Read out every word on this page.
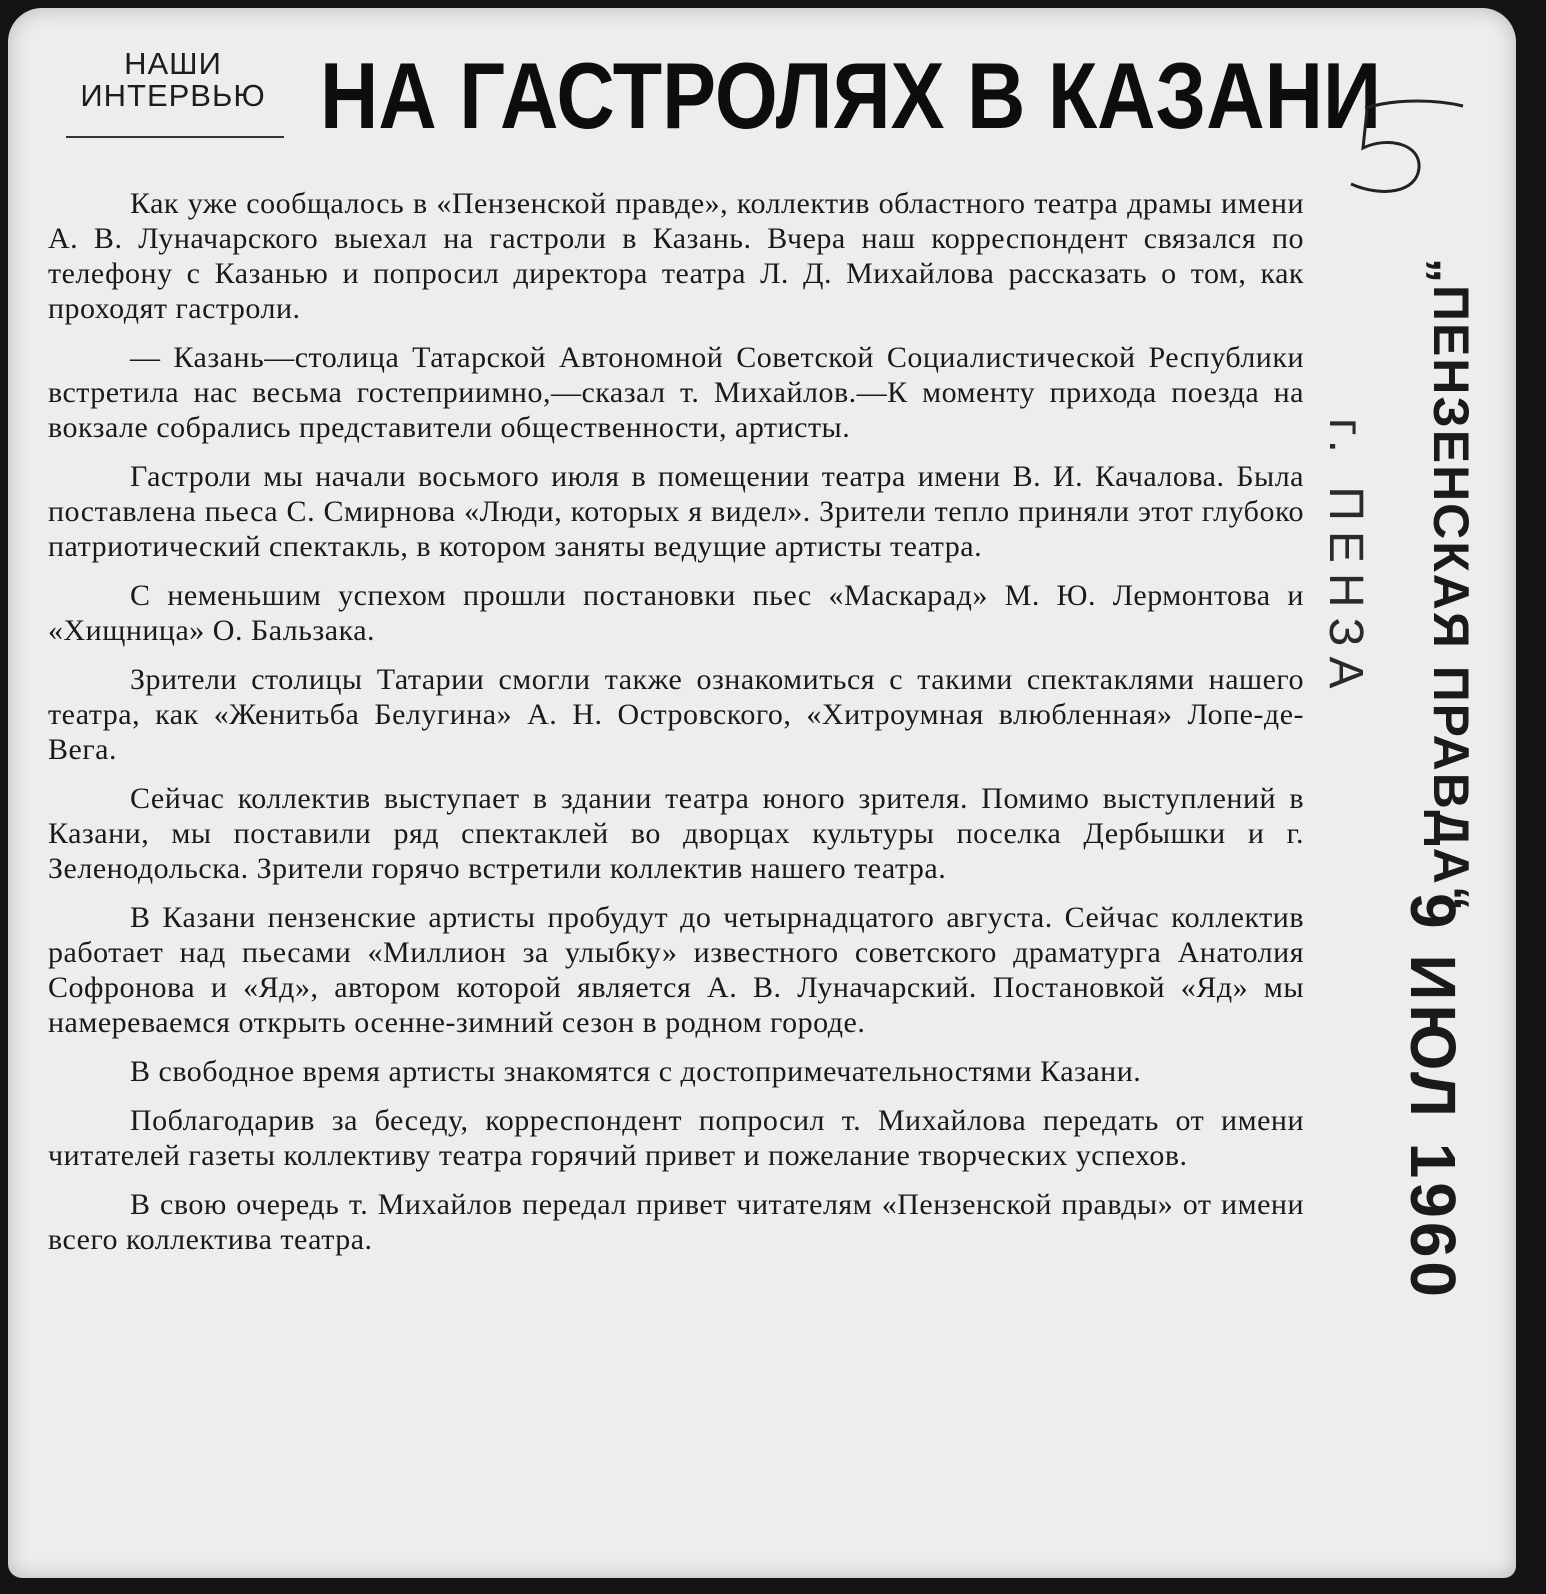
НАШИ
ИНТЕРВЬЮ НА ГАСТРОЛЯХ В КАЗАНИ

Как уже сообщалось в «Пензенской правде», коллектив областного театра драмы имени А. В. Луначарского выехал на гастроли в Казань. Вчера наш корреспондент связался по телефону с Казанью и попросил директора театра Л. Д. Михайлова рассказать о том, как проходят гастроли.

— Казань—столица Татарской Автономной Советской Социалистической Республики встретила нас весьма гостеприимно,—сказал т. Михайлов.—К моменту прихода поезда на вокзале собрались представители общественности, артисты.

Гастроли мы начали восьмого июля в помещении театра имени В. И. Качалова. Была поставлена пьеса С. Смирнова «Люди, которых я видел». Зрители тепло приняли этот глубоко патриотический спектакль, в котором заняты ведущие артисты театра.

С неменьшим успехом прошли постановки пьес «Маскарад» М. Ю. Лермонтова и «Хищница» О. Бальзака.

Зрители столицы Татарии смогли также ознакомиться с такими спектаклями нашего театра, как «Женитьба Белугина» А. Н. Островского, «Хитроумная влюбленная» Лопе-де-Вега.

Сейчас коллектив выступает в здании театра юного зрителя. Помимо выступлений в Казани, мы поставили ряд спектаклей во дворцах культуры поселка Дербышки и г. Зеленодольска. Зрители горячо встретили коллектив нашего театра.

В Казани пензенские артисты пробудут до четырнадцатого августа. Сейчас коллектив работает над пьесами «Миллион за улыбку» известного советского драматурга Анатолия Софронова и «Яд», автором которой является А. В. Луначарский. Постановкой «Яд» мы намереваемся открыть осенне-зимний сезон в родном городе.

В свободное время артисты знакомятся с достопримечательностями Казани.

Поблагодарив за беседу, корреспондент попросил т. Михайлова передать от имени читателей газеты коллективу театра горячий привет и пожелание творческих успехов.

В свою очередь т. Михайлов передал привет читателям «Пензенской правды» от имени всего коллектива театра.

„ПЕНЗЕНСКАЯ ПРАВДА“
г. ПЕНЗА
9 ИЮЛ 1960
